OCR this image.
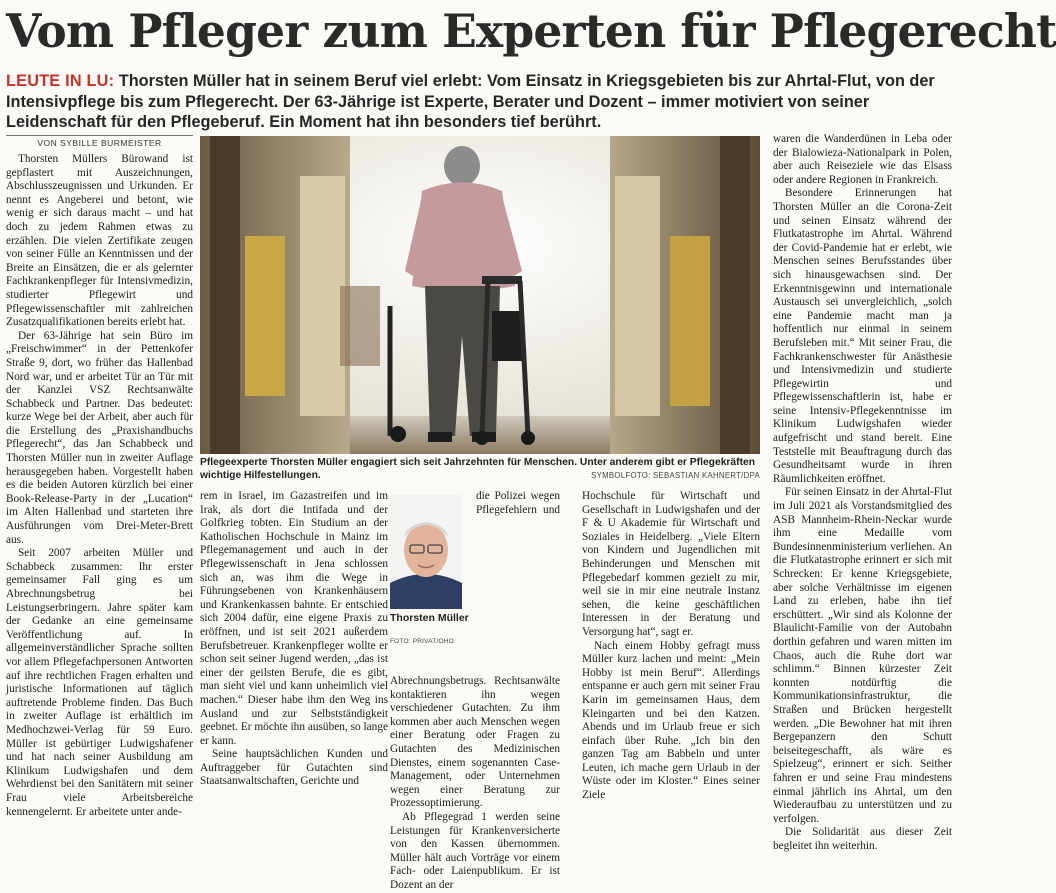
Vom Pfleger zum Experten für Pflegerecht
LEUTE IN LU: Thorsten Müller hat in seinem Beruf viel erlebt: Vom Einsatz in Kriegsgebieten bis zur Ahrtal-Flut, von der Intensivpflege bis zum Pflegerecht. Der 63-Jährige ist Experte, Berater und Dozent – immer motiviert von seiner Leidenschaft für den Pflegeberuf. Ein Moment hat ihn besonders tief berührt.
VON SYBILLE BURMEISTER

Thorsten Müllers Bürowand ist gepflastert mit Auszeichnungen, Abschlusszeugnissen und Urkunden. Er nennt es Angeberei und betont, wie wenig er sich daraus macht – und hat doch zu jedem Rahmen etwas zu erzählen. Die vielen Zertifikate zeugen von seiner Fülle an Kenntnissen und der Breite an Einsätzen, die er als gelernter Fachkrankenpfleger für Intensivmedizin, studierter Pflegewirt und Pflegewissenschaftler mit zahlreichen Zusatzqualifikationen bereits erlebt hat.

Der 63-Jährige hat sein Büro im „Freischwimmer“ in der Pettenkofer Straße 9, dort, wo früher das Hallenbad Nord war, und er arbeitet Tür an Tür mit der Kanzlei VSZ Rechtsanwälte Schabbeck und Partner. Das bedeutet: kurze Wege bei der Arbeit, aber auch für die Erstellung des „Praxishandbuchs Pflegerecht“, das Jan Schabbeck und Thorsten Müller nun in zweiter Auflage herausgegeben haben. Vorgestellt haben es die beiden Autoren kürzlich bei einer Book-Release-Party in der „Lucation“ im Alten Hallenbad und starteten ihre Ausführungen vom Drei-Meter-Brett aus.

Seit 2007 arbeiten Müller und Schabbeck zusammen: Ihr erster gemeinsamer Fall ging es um Abrechnungsbetrug bei Leistungserbringern. Jahre später kam der Gedanke an eine gemeinsame Veröffentlichung auf. In allgemeinverständlicher Sprache sollten vor allem Pflegefachpersonen Antworten auf ihre rechtlichen Fragen erhalten und juristische Informationen auf täglich auftretende Probleme finden. Das Buch in zweiter Auflage ist erhältlich im Medhochzwei-Verlag für 59 Euro. Müller ist gebürtiger Ludwigshafener und hat nach seiner Ausbildung am Klinikum Ludwigshafen und dem Wehrdienst bei den Sanitätern mit seiner Frau viele Arbeitsbereiche kennengelernt. Er arbeitete unter ande-

Pflegeexperte Thorsten Müller engagiert sich seit Jahrzehnten für Menschen. Unter anderem gibt er Pflegekräften wichtige Hilfestellungen.	SYMBOLFOTO: SEBASTIAN KAHNERT/DPA

rem in Israel, im Gazastreifen und im Irak, als dort die Intifada und der Golfkrieg tobten. Ein Studium an der Katholischen Hochschule in Mainz im Pflegemanagement und auch in der Pflegewissenschaft in Jena schlossen sich an, was ihm die Wege in Führungsebenen von Krankenhäusern und Krankenkassen bahnte. Er entschied sich 2004 dafür, eine eigene Praxis zu eröffnen, und ist seit 2021 außerdem Berufsbetreuer. Krankenpfleger wollte er schon seit seiner Jugend werden, „das ist einer der geilsten Berufe, die es gibt, man sieht viel und kann unheimlich viel machen.“ Dieser habe ihm den Weg ins Ausland und zur Selbstständigkeit geebnet. Er möchte ihn ausüben, so lange er kann.

Seine hauptsächlichen Kunden und Auftraggeber für Gutachten sind Staatsanwaltschaften, Gerichte und

die Polizei wegen Pflegefehlern und Abrechnungsbetrugs. Rechtsanwälte kontaktieren ihn wegen verschiedener Gutachten. Zu ihm kommen aber auch Menschen wegen einer Beratung oder Fragen zu Gutachten des Medizinischen Dienstes, einem sogenannten Case-Management, oder Unternehmen wegen einer Beratung zur Prozessoptimierung.

Ab Pflegegrad 1 werden seine Leistungen für Krankenversicherte von den Kassen übernommen. Müller hält auch Vorträge vor einem Fach- oder Laienpublikum. Er ist Dozent an der

Thorsten Müller
FOTO: PRIVAT/OHO

Hochschule für Wirtschaft und Gesellschaft in Ludwigshafen und der F & U Akademie für Wirtschaft und Soziales in Heidelberg. „Viele Eltern von Kindern und Jugendlichen mit Behinderungen und Menschen mit Pflegebedarf kommen gezielt zu mir, weil sie in mir eine neutrale Instanz sehen, die keine geschäftlichen Interessen in der Beratung und Versorgung hat“, sagt er.

Nach einem Hobby gefragt muss Müller kurz lachen und meint: „Mein Hobby ist mein Beruf“. Allerdings entspanne er auch gern mit seiner Frau Karin im gemeinsamen Haus, dem Kleingarten und bei den Katzen. Abends und im Urlaub freue er sich einfach über Ruhe. „Ich bin den ganzen Tag am Babbeln und unter Leuten, ich mache gern Urlaub in der Wüste oder im Kloster.“ Eines seiner Ziele

waren die Wanderdünen in Leba oder der Bialowieza-Nationalpark in Polen, aber auch Reiseziele wie das Elsass oder andere Regionen in Frankreich.

Besondere Erinnerungen hat Thorsten Müller an die Corona-Zeit und seinen Einsatz während der Flutkatastrophe im Ahrtal. Während der Covid-Pandemie hat er erlebt, wie Menschen seines Berufsstandes über sich hinausgewachsen sind. Der Erkenntnisgewinn und internationale Austausch sei unvergleichlich, „solch eine Pandemie macht man ja hoffentlich nur einmal in seinem Berufsleben mit.“ Mit seiner Frau, die Fachkrankenschwester für Anästhesie und Intensivmedizin und studierte Pflegewirtin und Pflegewissenschaftlerin ist, habe er seine Intensiv-Pflegekenntnisse im Klinikum Ludwigshafen wieder aufgefrischt und stand bereit. Eine Teststelle mit Beauftragung durch das Gesundheitsamt wurde in ihren Räumlichkeiten eröffnet.

Für seinen Einsatz in der Ahrtal-Flut im Juli 2021 als Vorstandsmitglied des ASB Mannheim-Rhein-Neckar wurde ihm eine Medaille vom Bundesinnenministerium verliehen. An die Flutkatastrophe erinnert er sich mit Schrecken: Er kenne Kriegsgebiete, aber solche Verhältnisse im eigenen Land zu erleben, habe ihn tief erschüttert. „Wir sind als Kolonne der Blaulicht-Familie von der Autobahn dorthin gefahren und waren mitten im Chaos, auch die Ruhe dort war schlimm.“ Binnen kürzester Zeit konnten notdürftig die Kommunikationsinfrastruktur, die Straßen und Brücken hergestellt werden. „Die Bewohner hat mit ihren Bergepanzern den Schutt beiseitegeschafft, als wäre es Spielzeug“, erinnert er sich. Seither fahren er und seine Frau mindestens einmal jährlich ins Ahrtal, um den Wiederaufbau zu unterstützen und zu verfolgen.

Die Solidarität aus dieser Zeit begleitet ihn weiterhin.
